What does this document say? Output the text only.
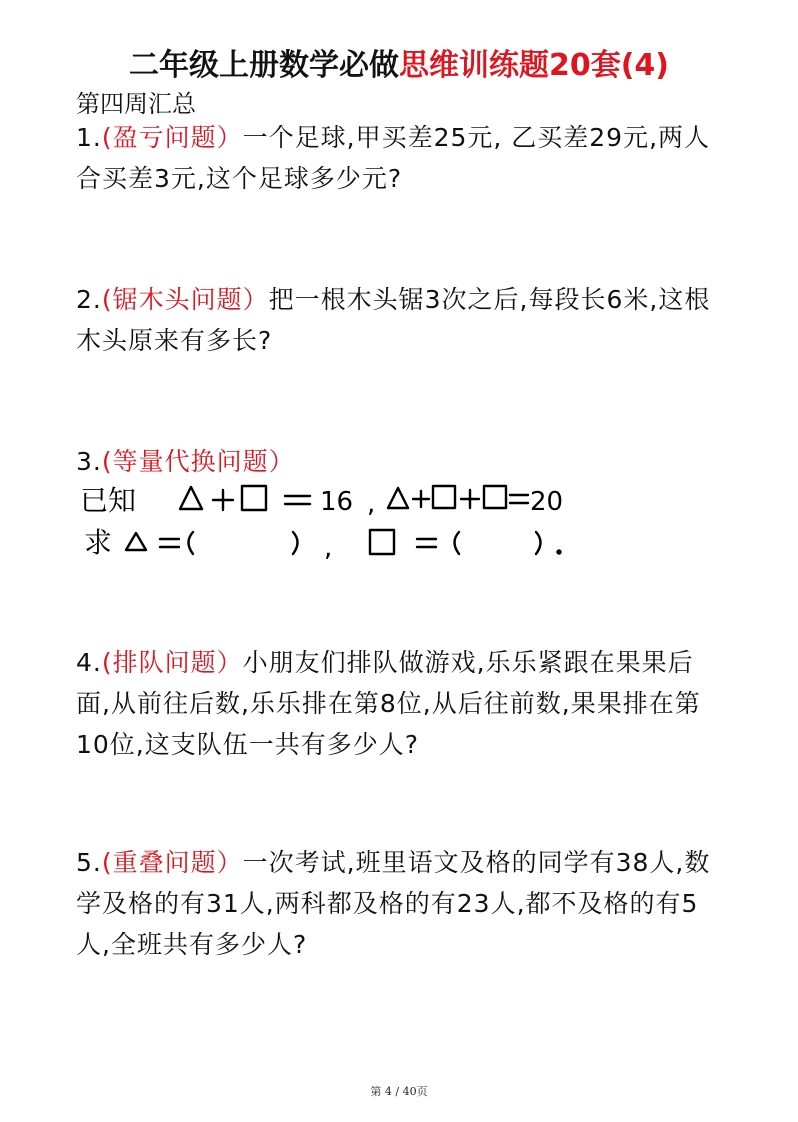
二年级上册数学必做思维训练题20套(4)
第四周汇总
1.(盈亏问题）一个足球,甲买差25元, 乙买差29元,两人合买差3元,这个足球多少元?
2.(锯木头问题）把一根木头锯3次之后,每段长6米,这根木头原来有多长?
3.(等量代换问题）
已知	16 ,	20
求	,
4.(排队问题）小朋友们排队做游戏,乐乐紧跟在果果后面,从前往后数,乐乐排在第8位,从后往前数,果果排在第10位,这支队伍一共有多少人?
5.(重叠问题）一次考试,班里语文及格的同学有38人,数学及格的有31人,两科都及格的有23人,都不及格的有5人,全班共有多少人?
第 4 / 40页
